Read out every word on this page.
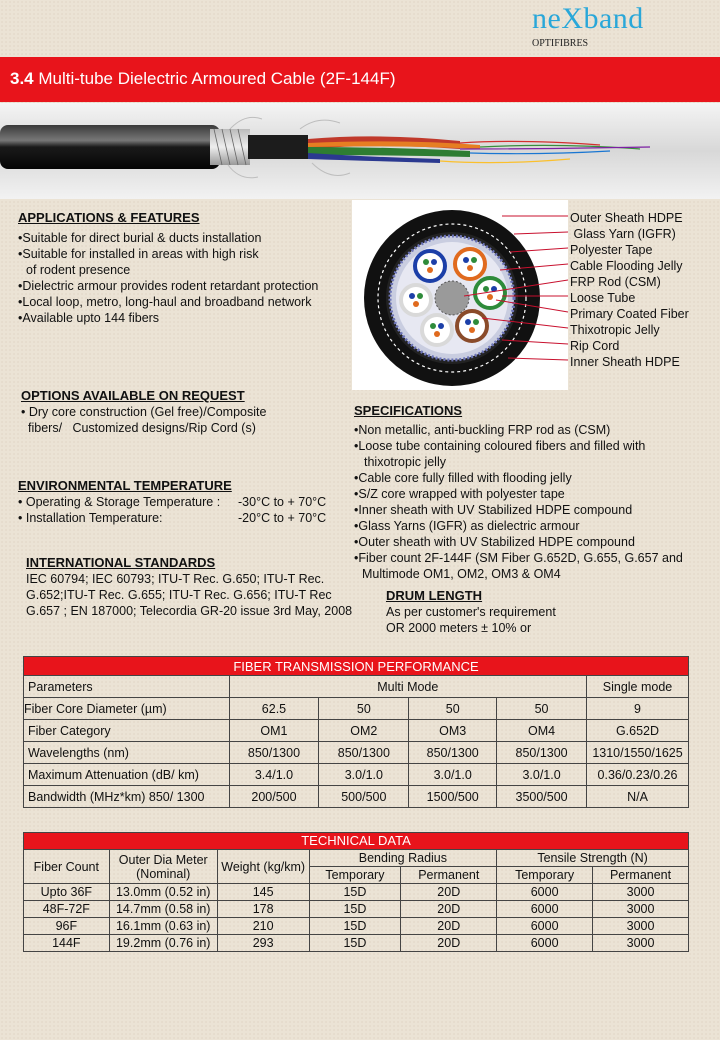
neXband
OPTIFIBRES
3.4 Multi-tube Dielectric Armoured Cable (2F-144F)
APPLICATIONS & FEATURES
• Suitable for direct burial & ducts installation
• Suitable for installed in areas with high risk
of rodent presence
• Dielectric armour provides rodent retardant protection
• Local loop, metro, long-haul and broadband network
• Available upto 144 fibers
Outer Sheath HDPE
Glass Yarn (IGFR)
Polyester Tape
Cable Flooding Jelly
FRP Rod (CSM)
Loose Tube
Primary Coated Fiber
Thixotropic Jelly
Rip Cord
Inner Sheath HDPE
OPTIONS AVAILABLE ON REQUEST
• Dry core construction (Gel free)/Composite
fibers/   Customized designs/Rip Cord (s)
ENVIRONMENTAL TEMPERATURE
• Operating & Storage Temperature : -30°C to + 70°C
• Installation Temperature:	-20°C to + 70°C
INTERNATIONAL STANDARDS
IEC 60794; IEC 60793; ITU-T Rec. G.650; ITU-T Rec.
G.652;ITU-T Rec. G.655; ITU-T Rec. G.656; ITU-T Rec
G.657 ; EN 187000; Telecordia GR-20 issue 3rd May, 2008
SPECIFICATIONS
• Non metallic, anti-buckling FRP rod as (CSM)
• Loose tube containing coloured fibers and filled with
thixotropic jelly
• Cable core fully filled with flooding jelly
• S/Z core wrapped with polyester tape
• Inner sheath with UV Stabilized HDPE compound
• Glass Yarns (IGFR) as dielectric armour
• Outer sheath with UV Stabilized HDPE compound
• Fiber count 2F-144F (SM Fiber G.652D, G.655, G.657 and
Multimode OM1, OM2, OM3 & OM4
DRUM LENGTH
As per customer's requirement
OR 2000 meters ± 10% or
FIBER TRANSMISSION PERFORMANCE					
Parameters	Multi Mode				Single mode
Fiber Core Diameter (µm)	62.5	50	50	50	9
Fiber Category	OM1	OM2	OM3	OM4	G.652D
Wavelengths (nm)	850/1300	850/1300	850/1300	850/1300	1310/1550/1625
Maximum Attenuation (dB/ km)	3.4/1.0	3.0/1.0	3.0/1.0	3.0/1.0	0.36/0.23/0.26
Bandwidth (MHz*km) 850/ 1300	200/500	500/500	1500/500	3500/500	N/A
TECHNICAL DATA						
Fiber Count	Outer Dia Meter
(Nominal)	Weight (kg/km)	Bending Radius		Tensile Strength (N)	
			Temporary	Permanent	Temporary	Permanent
Upto 36F	13.0mm (0.52 in)	145	15D	20D	6000	3000
48F-72F	14.7mm (0.58 in)	178	15D	20D	6000	3000
96F	16.1mm (0.63 in)	210	15D	20D	6000	3000
144F	19.2mm (0.76 in)	293	15D	20D	6000	3000
